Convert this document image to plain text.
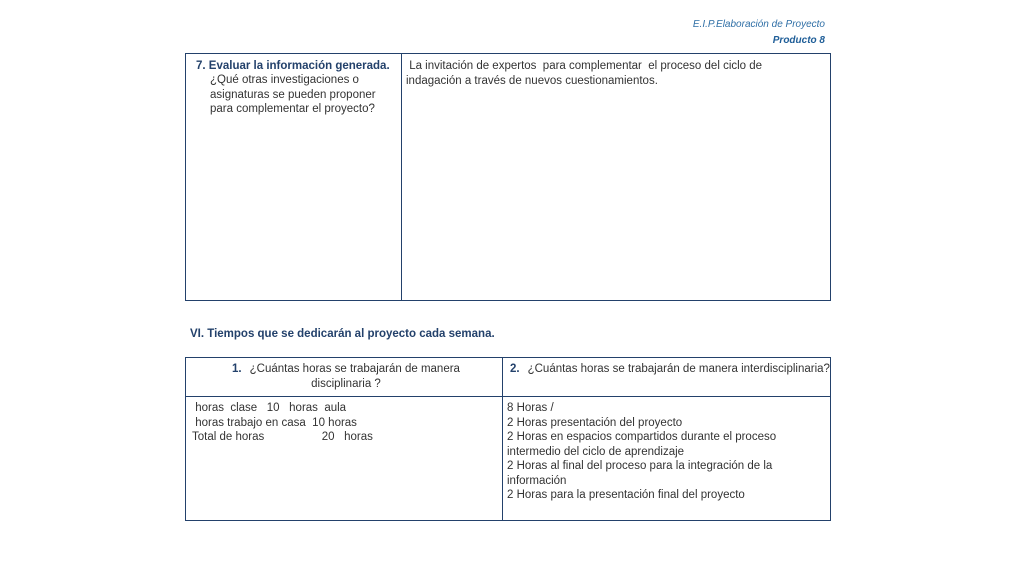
E.I.P.Elaboración de Proyecto
Producto 8
7. Evaluar la información generada.
¿Qué otras investigaciones o
asignaturas se pueden proponer
para complementar el proyecto?
La invitación de expertos  para complementar  el proceso del ciclo de
indagación a través de nuevos cuestionamientos.
VI. Tiempos que se dedicarán al proyecto cada semana.
1. ¿Cuántas horas se trabajarán de manera
disciplinaria ?
2. ¿Cuántas horas se trabajarán de manera interdisciplinaria?
horas  clase   10   horas  aula
horas trabajo en casa  10 horas
Total de horas                  20   horas
8 Horas /
2 Horas presentación del proyecto
2 Horas en espacios compartidos durante el proceso
intermedio del ciclo de aprendizaje
2 Horas al final del proceso para la integración de la
información
2 Horas para la presentación final del proyecto
